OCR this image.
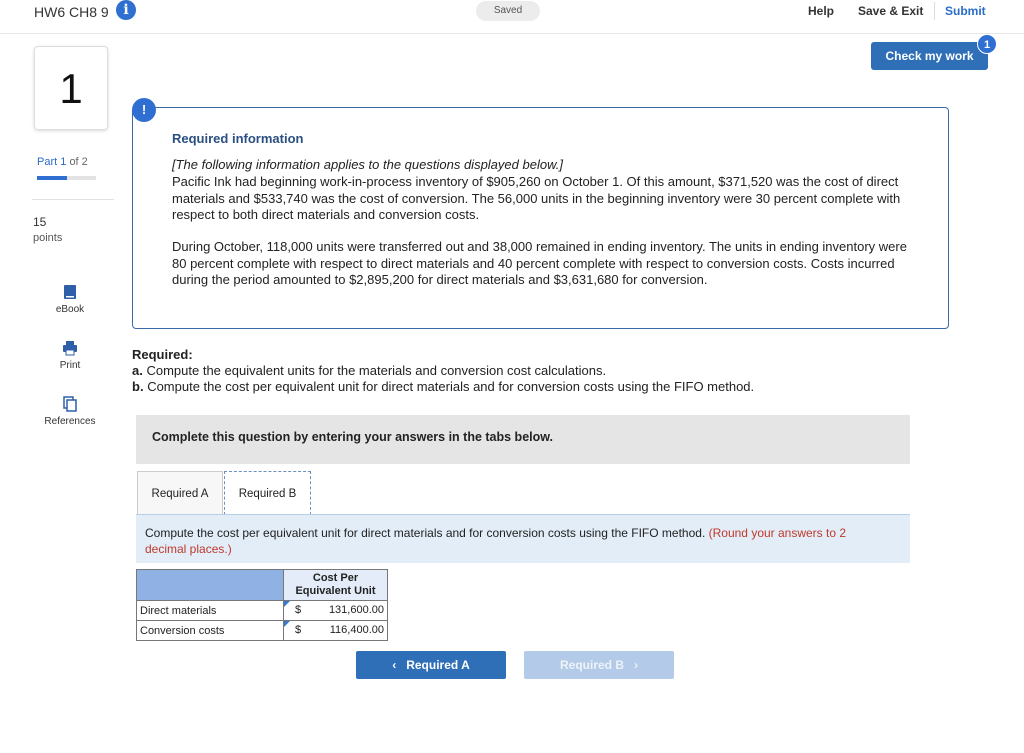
HW6 CH8 9	i	Saved	Help Save & Exit Submit
Check my work
1
1
Part 1 of 2
15
points
eBook
Print
References
!
Required information
[The following information applies to the questions displayed below.]
Pacific Ink had beginning work-in-process inventory of $905,260 on October 1. Of this amount, $371,520 was the cost of direct materials and $533,740 was the cost of conversion. The 56,000 units in the beginning inventory were 30 percent complete with respect to both direct materials and conversion costs.
During October, 118,000 units were transferred out and 38,000 remained in ending inventory. The units in ending inventory were 80 percent complete with respect to direct materials and 40 percent complete with respect to conversion costs. Costs incurred during the period amounted to $2,895,200 for direct materials and $3,631,680 for conversion.
Required:
a. Compute the equivalent units for the materials and conversion cost calculations.
b. Compute the cost per equivalent unit for direct materials and for conversion costs using the FIFO method.
Complete this question by entering your answers in the tabs below.
Required A	Required B
Compute the cost per equivalent unit for direct materials and for conversion costs using the FIFO method. (Round your answers to 2 decimal places.)
	Cost Per Equivalent Unit
Direct materials	$ 131,600.00

Conversion costs	$ 116,400.00
‹ Required A	Required B ›
